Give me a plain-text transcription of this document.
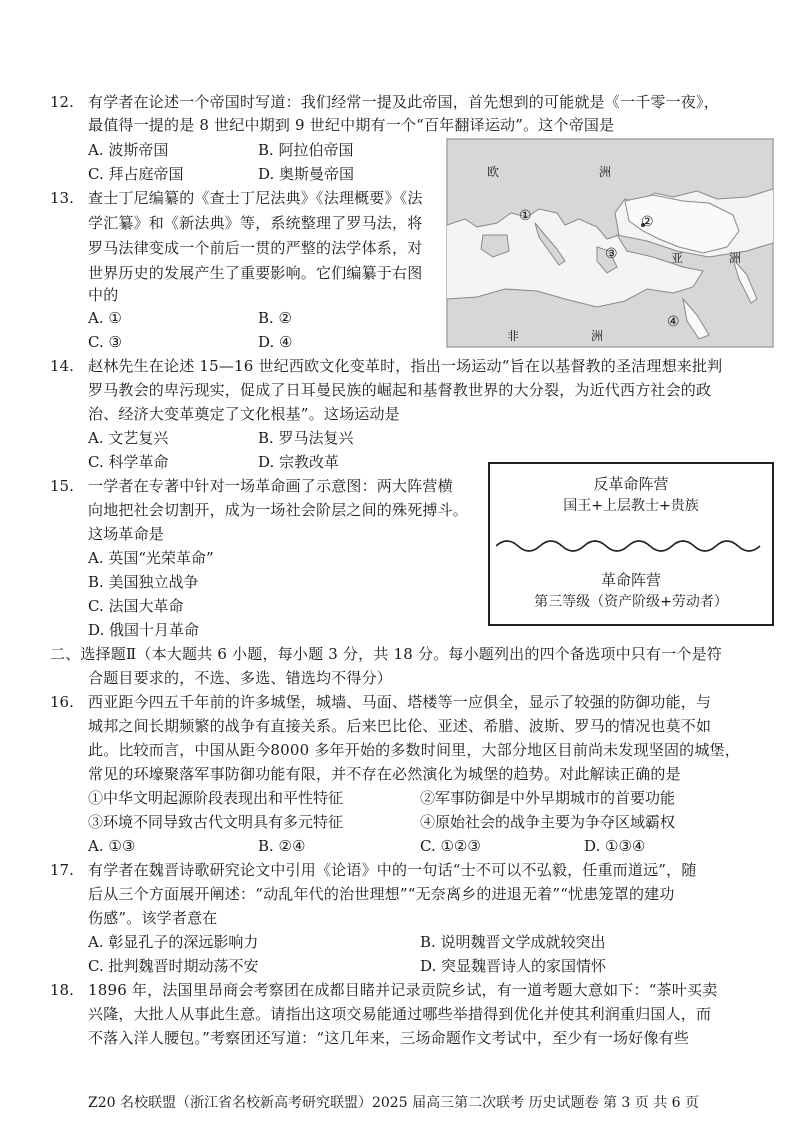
12. 有学者在论述一个帝国时写道：我们经常一提及此帝国，首先想到的可能就是《一千零一夜》，
最值得一提的是 8 世纪中期到 9 世纪中期有一个“百年翻译运动”。这个帝国是
A. 波斯帝国	B. 阿拉伯帝国
C. 拜占庭帝国	D. 奥斯曼帝国	欧	洲
亚	洲
非	洲
①	②
③
④
13. 查士丁尼编纂的《查士丁尼法典》《法理概要》《法
学汇纂》和《新法典》等，系统整理了罗马法，将
罗马法律变成一个前后一贯的严整的法学体系，对
世界历史的发展产生了重要影响。它们编纂于右图
中的
A. ①	B. ②
C. ③	D. ④
14. 赵林先生在论述 15—16 世纪西欧文化变革时，指出一场运动“旨在以基督教的圣洁理想来批判
罗马教会的卑污现实，促成了日耳曼民族的崛起和基督教世界的大分裂，为近代西方社会的政
治、经济大变革奠定了文化根基”。这场运动是
A. 文艺复兴	B. 罗马法复兴
C. 科学革命	D. 宗教改革
15. 一学者在专著中针对一场革命画了示意图：两大阵营横
向地把社会切割开，成为一场社会阶层之间的殊死搏斗。
这场革命是
A. 英国“光荣革命”
B. 美国独立战争
C. 法国大革命
D. 俄国十月革命
反革命阵营
国王+上层教士+贵族
革命阵营
第三等级（资产阶级+劳动者）
二、选择题Ⅱ（本大题共 6 小题，每小题 3 分，共 18 分。每小题列出的四个备选项中只有一个是符
合题目要求的，不选、多选、错选均不得分）
16. 西亚距今四五千年前的许多城堡，城墙、马面、塔楼等一应俱全，显示了较强的防御功能，与
城邦之间长期频繁的战争有直接关系。后来巴比伦、亚述、希腊、波斯、罗马的情况也莫不如
此。比较而言，中国从距今8000 多年开始的多数时间里，大部分地区目前尚未发现坚固的城堡，
常见的环壕聚落军事防御功能有限，并不存在必然演化为城堡的趋势。对此解读正确的是
①中华文明起源阶段表现出和平性特征	②军事防御是中外早期城市的首要功能
③环境不同导致古代文明具有多元特征	④原始社会的战争主要为争夺区域霸权
A. ①③	B. ②④	C. ①②③	D. ①③④
17. 有学者在魏晋诗歌研究论文中引用《论语》中的一句话“士不可以不弘毅，任重而道远”，随
后从三个方面展开阐述：“动乱年代的治世理想”“无奈离乡的进退无着”“忧患笼罩的建功
伤感”。该学者意在
A. 彰显孔子的深远影响力	B. 说明魏晋文学成就较突出
C. 批判魏晋时期动荡不安	D. 突显魏晋诗人的家国情怀
18. 1896 年，法国里昂商会考察团在成都目睹并记录贡院乡试，有一道考题大意如下：“茶叶买卖
兴隆，大批人从事此生意。请指出这项交易能通过哪些举措得到优化并使其利润重归国人，而
不落入洋人腰包。”考察团还写道：“这几年来，三场命题作文考试中，至少有一场好像有些
Z20 名校联盟（浙江省名校新高考研究联盟）2025 届高三第二次联考 历史试题卷 第 3 页 共 6 页
